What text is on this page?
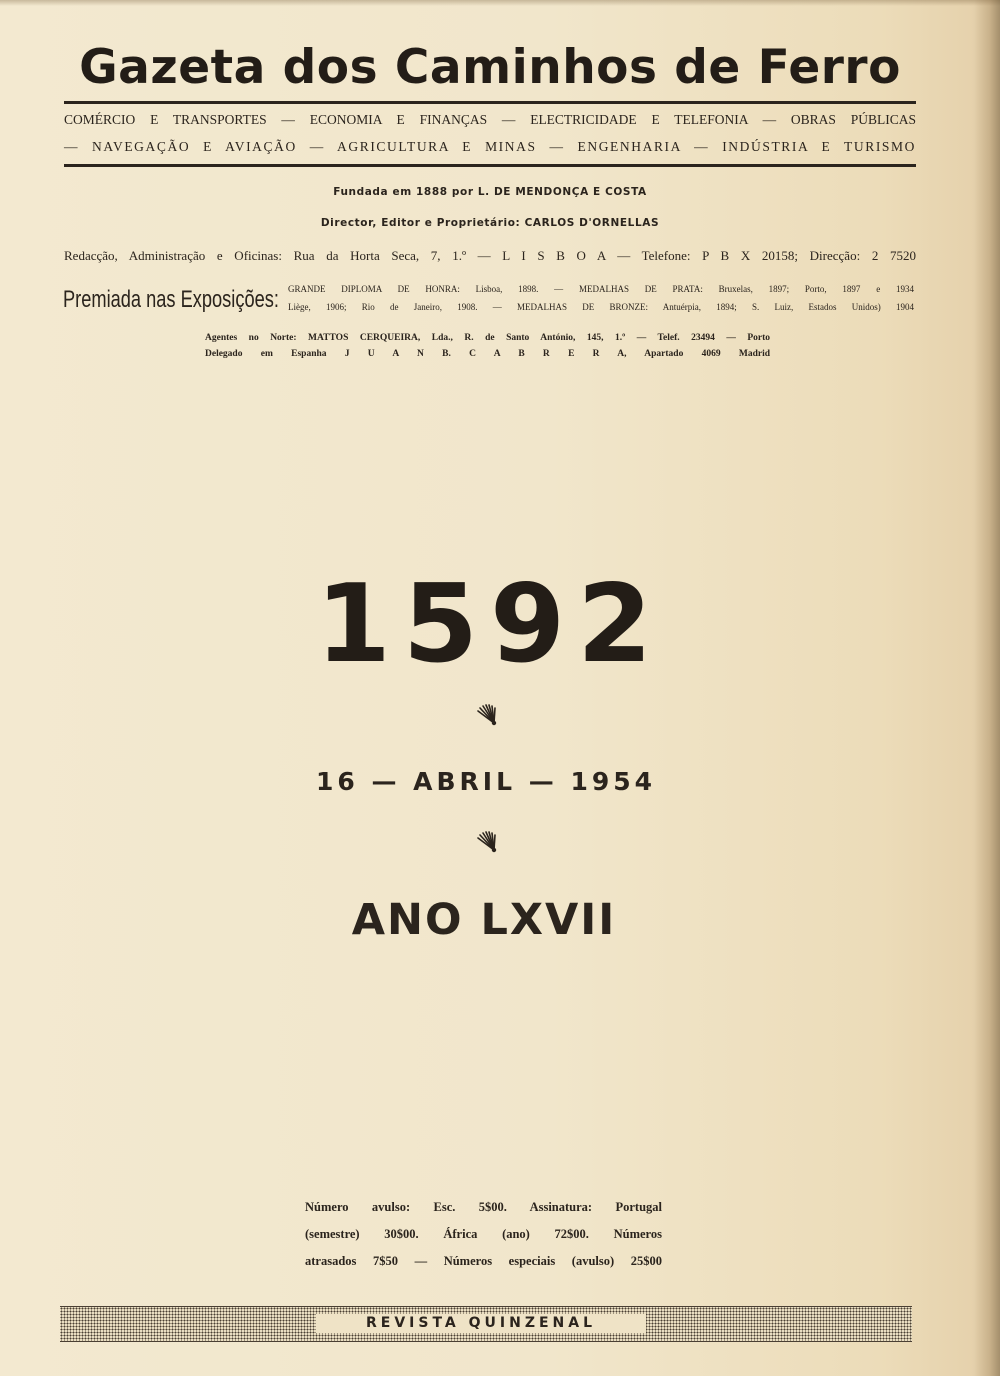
Gazeta dos Caminhos de Ferro
COMÉRCIO E TRANSPORTES — ECONOMIA E FINANÇAS — ELECTRICIDADE E TELEFONIA — OBRAS PÚBLICAS
— NAVEGAÇÃO E AVIAÇÃO — AGRICULTURA E MINAS — ENGENHARIA — INDÚSTRIA E TURISMO
Fundada em 1888 por L. DE MENDONÇA E COSTA
Director, Editor e Proprietário: CARLOS D'ORNELLAS
Redacção, Administração e Oficinas: Rua da Horta Seca, 7, 1.º — L I S B O A — Telefone: P B X 20158; Direcção: 2 7520
Premiada nas Exposições: GRANDE DIPLOMA DE HONRA: Lisboa, 1898. — MEDALHAS DE PRATA: Bruxelas, 1897; Porto, 1897 e 1934
Liège, 1906; Rio de Janeiro, 1908. — MEDALHAS DE BRONZE: Antuérpia, 1894; S. Luiz, Estados Unidos) 1904
Agentes no Norte: MATTOS CERQUEIRA, Lda., R. de Santo António, 145, 1.º — Telef. 23494 — Porto
Delegado em Espanha J U A N B. C A B R E R A, Apartado 4069 Madrid
1592
16 — ABRIL — 1954
ANO LXVII
Número avulso: Esc. 5$00. Assinatura: Portugal
(semestre) 30$00. África (ano) 72$00. Números
atrasados 7$50 — Números especiais (avulso) 25$00
REVISTA QUINZENAL
